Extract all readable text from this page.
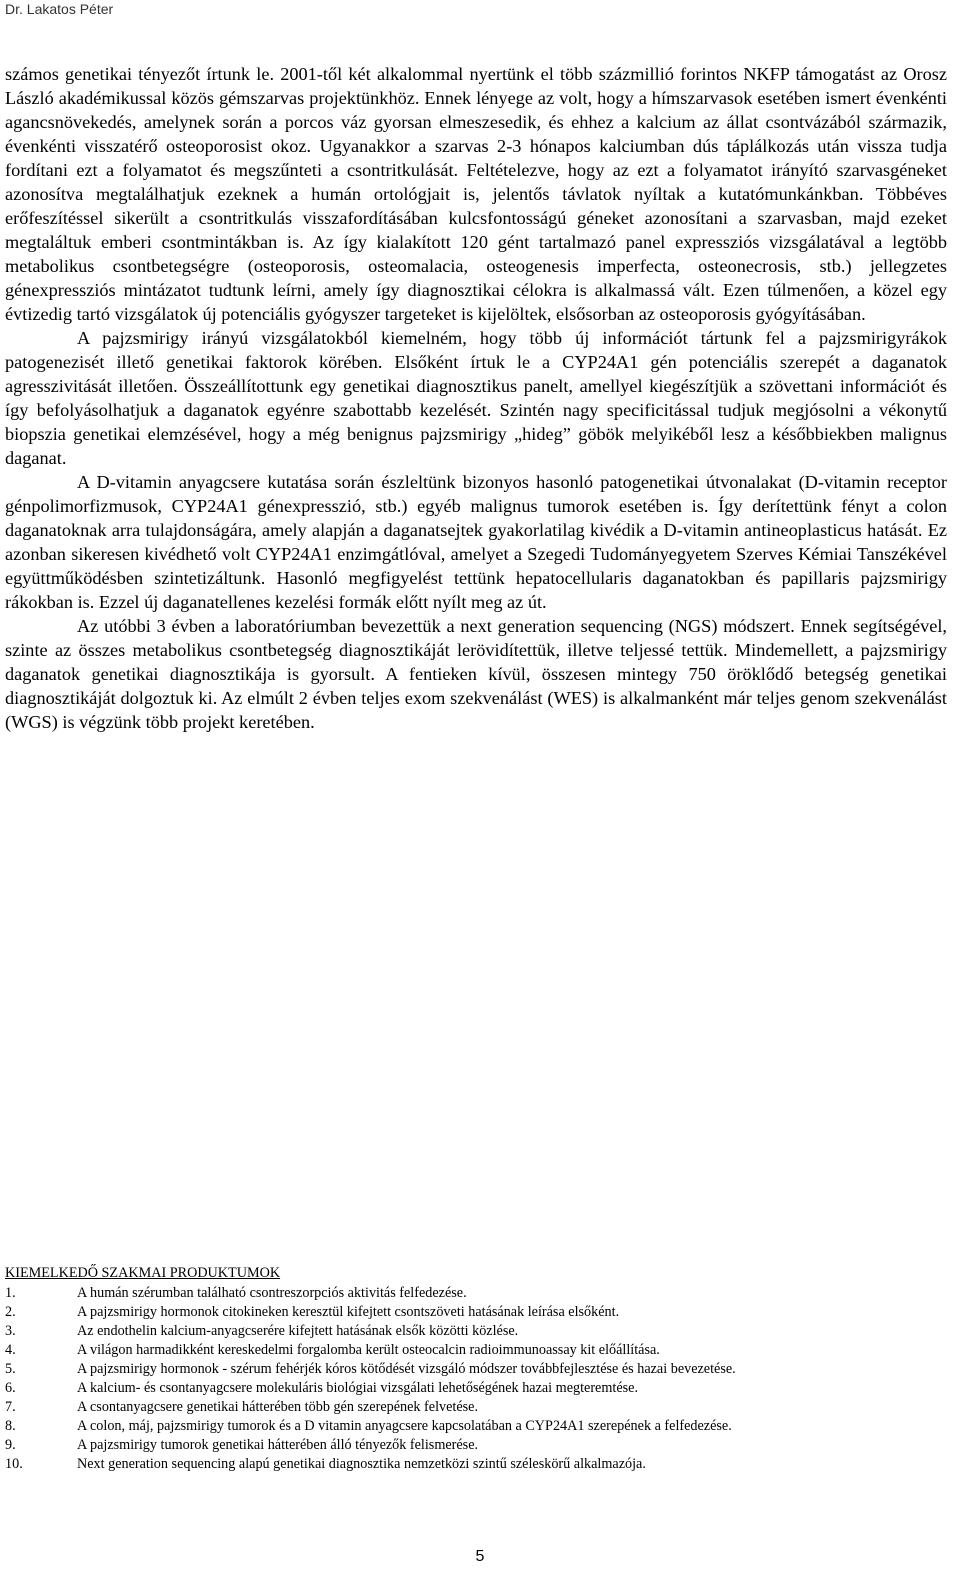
Dr. Lakatos Péter

számos genetikai tényezőt írtunk le. 2001-től két alkalommal nyertünk el több százmillió forintos NKFP támogatást az Orosz László akadémikussal közös gémszarvas projektünkhöz. Ennek lényege az volt, hogy a hímszarvasok esetében ismert évenkénti agancsnövekedés, amelynek során a porcos váz gyorsan elmeszesedik, és ehhez a kalcium az állat csontvázából származik, évenkénti visszatérő osteoporosist okoz. Ugyanakkor a szarvas 2-3 hónapos kalciumban dús táplálkozás után vissza tudja fordítani ezt a folyamatot és megszűnteti a csontritkulását. Feltételezve, hogy az ezt a folyamatot irányító szarvasgéneket azonosítva megtalálhatjuk ezeknek a humán ortológjait is, jelentős távlatok nyíltak a kutatómunkánkban. Többéves erőfeszítéssel sikerült a csontritkulás visszafordításában kulcsfontosságú géneket azonosítani a szarvasban, majd ezeket megtaláltuk emberi csontmintákban is. Az így kialakított 120 gént tartalmazó panel expressziós vizsgálatával a legtöbb metabolikus csontbetegségre (osteoporosis, osteomalacia, osteogenesis imperfecta, osteonecrosis, stb.) jellegzetes génexpressziós mintázatot tudtunk leírni, amely így diagnosztikai célokra is alkalmassá vált. Ezen túlmenően, a közel egy évtizedig tartó vizsgálatok új potenciális gyógyszer targeteket is kijelöltek, elsősorban az osteoporosis gyógyításában.

A pajzsmirigy irányú vizsgálatokból kiemelném, hogy több új információt tártunk fel a pajzsmirigyrákok patogenezisét illető genetikai faktorok körében. Elsőként írtuk le a CYP24A1 gén potenciális szerepét a daganatok agresszivitását illetően. Összeállítottunk egy genetikai diagnosztikus panelt, amellyel kiegészítjük a szövettani információt és így befolyásolhatjuk a daganatok egyénre szabottabb kezelését. Szintén nagy specificitással tudjuk megjósolni a vékonytű biopszia genetikai elemzésével, hogy a még benignus pajzsmirigy „hideg” göbök melyikéből lesz a későbbiekben malignus daganat.

A D-vitamin anyagcsere kutatása során észleltünk bizonyos hasonló patogenetikai útvonalakat (D-vitamin receptor génpolimorfizmusok, CYP24A1 génexpresszió, stb.) egyéb malignus tumorok esetében is. Így derítettünk fényt a colon daganatoknak arra tulajdonságára, amely alapján a daganatsejtek gyakorlatilag kivédik a D-vitamin antineoplasticus hatását. Ez azonban sikeresen kivédhető volt CYP24A1 enzimgátlóval, amelyet a Szegedi Tudományegyetem Szerves Kémiai Tanszékével együttműködésben szintetizáltunk. Hasonló megfigyelést tettünk hepatocellularis daganatokban és papillaris pajzsmirigy rákokban is. Ezzel új daganatellenes kezelési formák előtt nyílt meg az út.

Az utóbbi 3 évben a laboratóriumban bevezettük a next generation sequencing (NGS) módszert. Ennek segítségével, szinte az összes metabolikus csontbetegség diagnosztikáját lerövidítettük, illetve teljessé tettük. Mindemellett, a pajzsmirigy daganatok genetikai diagnosztikája is gyorsult. A fentieken kívül, összesen mintegy 750 öröklődő betegség genetikai diagnosztikáját dolgoztuk ki. Az elmúlt 2 évben teljes exom szekvenálást (WES) is alkalmanként már teljes genom szekvenálást (WGS) is végzünk több projekt keretében.

KIEMELKEDŐ SZAKMAI PRODUKTUMOK
1.	A humán szérumban található csontreszorpciós aktivitás felfedezése.
2.	A pajzsmirigy hormonok citokineken keresztül kifejtett csontszöveti hatásának leírása elsőként.
3.	Az endothelin kalcium-anyagcserére kifejtett hatásának elsők közötti közlése.
4.	A világon harmadikként kereskedelmi forgalomba került osteocalcin radioimmunoassay kit előállítása.
5.	A pajzsmirigy hormonok - szérum fehérjék kóros kötődését vizsgáló módszer továbbfejlesztése és hazai bevezetése.
6.	A kalcium- és csontanyagcsere molekuláris biológiai vizsgálati lehetőségének hazai megteremtése.
7.	A csontanyagcsere genetikai hátterében több gén szerepének felvetése.
8.	A colon, máj, pajzsmirigy tumorok és a D vitamin anyagcsere kapcsolatában a CYP24A1 szerepének a felfedezése.
9.	A pajzsmirigy tumorok genetikai hátterében álló tényezők felismerése.
10.	Next generation sequencing alapú genetikai diagnosztika nemzetközi szintű széleskörű alkalmazója.
5
